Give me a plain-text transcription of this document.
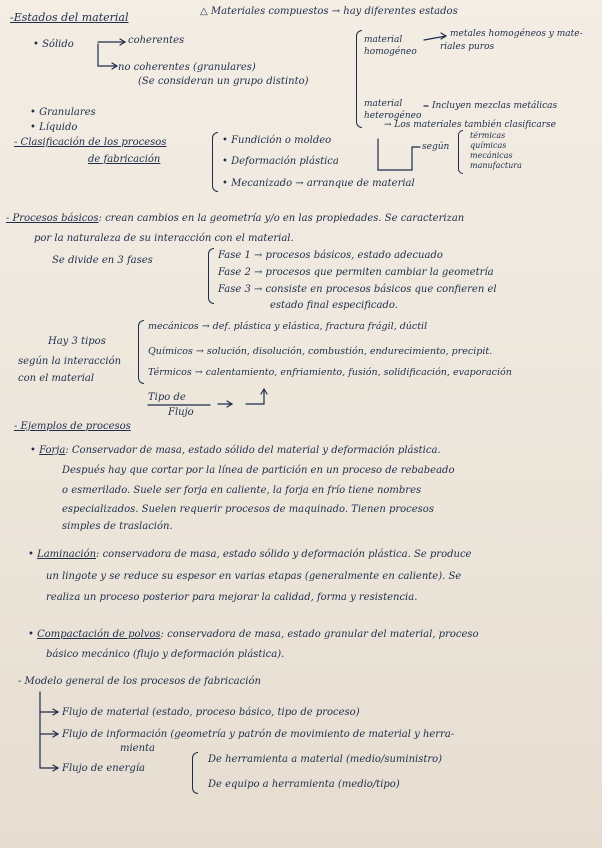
-Estados del material	△ Materiales compuestos → hay diferentes estados
• Sólido	coherentes
no coherentes (granulares)
(Se consideran un grupo distinto)
• Granulares
• Líquido
material homogéneo
metales homogéneos y mate-
riales puros
material heterogéneo
Incluyen mezclas metálicas
→ Los materiales también clasificarse
según
térmicas
químicas
mecánicas
manufactura
- Clasificación de los procesos
de fabricación
• Fundición o moldeo
• Deformación plástica
• Mecanizado → arranque de material
- Procesos básicos: crean cambios en la geometría y/o en las propiedades. Se caracterizan
por la naturaleza de su interacción con el material.
Se divide en 3 fases	Fase 1 → procesos básicos, estado adecuado
Fase 2 → procesos que permiten cambiar la geometría
Fase 3 → consiste en procesos básicos que confieren el
estado final especificado.
Hay 3 tipos
según la interacción
con el material
mecánicos → def. plástica y elástica, fractura frágil, dúctil
Químicos → solución, disolución, combustión, endurecimiento, precipit.
Térmicos → calentamiento, enfriamiento, fusión, solidificación, evaporación
Tipo de
Flujo
- Ejemplos de procesos
• Forja: Conservador de masa, estado sólido del material y deformación plástica.
Después hay que cortar por la línea de partición en un proceso de rebabeado
o esmerilado. Suele ser forja en caliente, la forja en frío tiene nombres
especializados. Suelen requerir procesos de maquinado. Tienen procesos
simples de traslación.
• Laminación: conservadora de masa, estado sólido y deformación plástica. Se produce
un lingote y se reduce su espesor en varias etapas (generalmente en caliente). Se
realiza un proceso posterior para mejorar la calidad, forma y resistencia.
• Compactación de polvos: conservadora de masa, estado granular del material, proceso
básico mecánico (flujo y deformación plástica).
- Modelo general de los procesos de fabricación
Flujo de material (estado, proceso básico, tipo de proceso)
Flujo de información (geometría y patrón de movimiento de material y herra-
mienta
Flujo de energía
De herramienta a material (medio/suministro)
De equipo a herramienta (medio/tipo)
